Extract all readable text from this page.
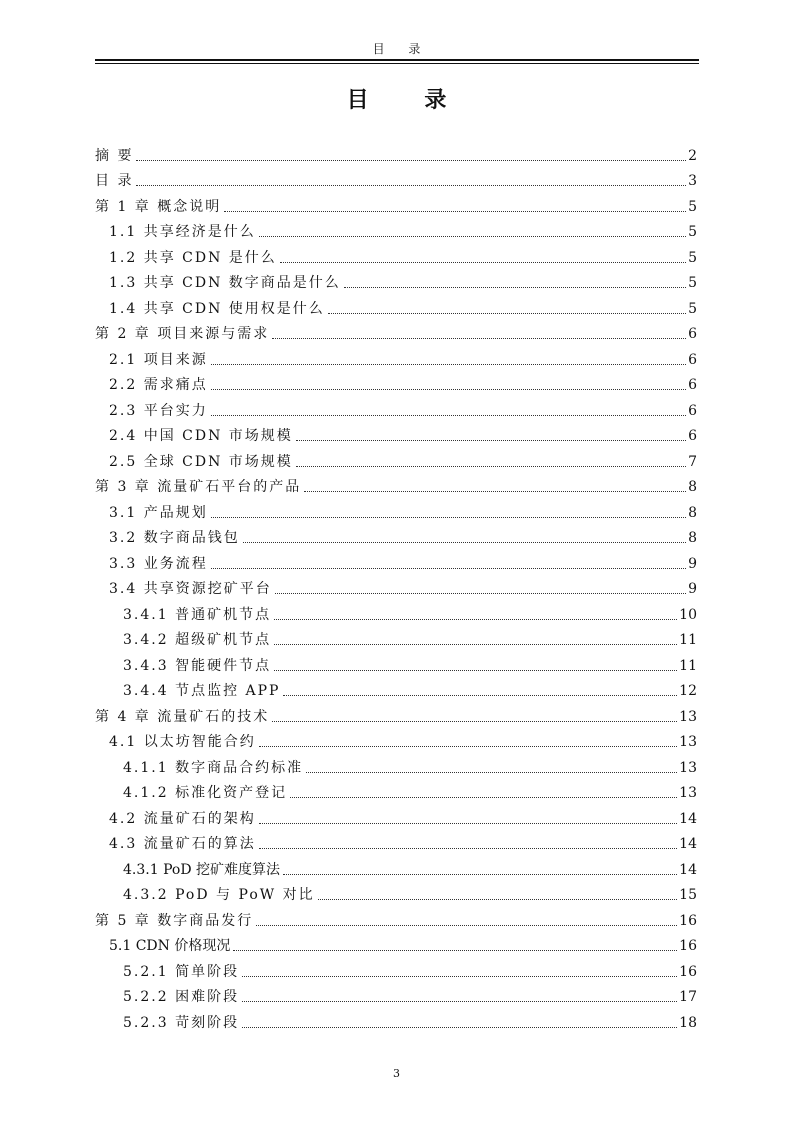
目 录
目 录
摘 要	2
目 录	3
第 1 章 概念说明	5
1.1 共享经济是什么	5
1.2 共享 CDN 是什么	5
1.3 共享 CDN 数字商品是什么	5
1.4 共享 CDN 使用权是什么	5
第 2 章 项目来源与需求	6
2.1 项目来源	6
2.2 需求痛点	6
2.3 平台实力	6
2.4 中国 CDN 市场规模	6
2.5 全球 CDN 市场规模	7
第 3 章 流量矿石平台的产品	8
3.1 产品规划	8
3.2 数字商品钱包	8
3.3 业务流程	9
3.4 共享资源挖矿平台	9
3.4.1 普通矿机节点	10
3.4.2 超级矿机节点	11
3.4.3 智能硬件节点	11
3.4.4 节点监控 APP	12
第 4 章 流量矿石的技术	13
4.1 以太坊智能合约	13
4.1.1 数字商品合约标准	13
4.1.2 标准化资产登记	13
4.2 流量矿石的架构	14
4.3 流量矿石的算法	14
4.3.1 PoD 挖矿难度算法	14
4.3.2 PoD 与 PoW 对比	15
第 5 章 数字商品发行	16
5.1 CDN 价格现况	16
5.2.1 简单阶段	16
5.2.2 困难阶段	17
5.2.3 苛刻阶段	18
3
